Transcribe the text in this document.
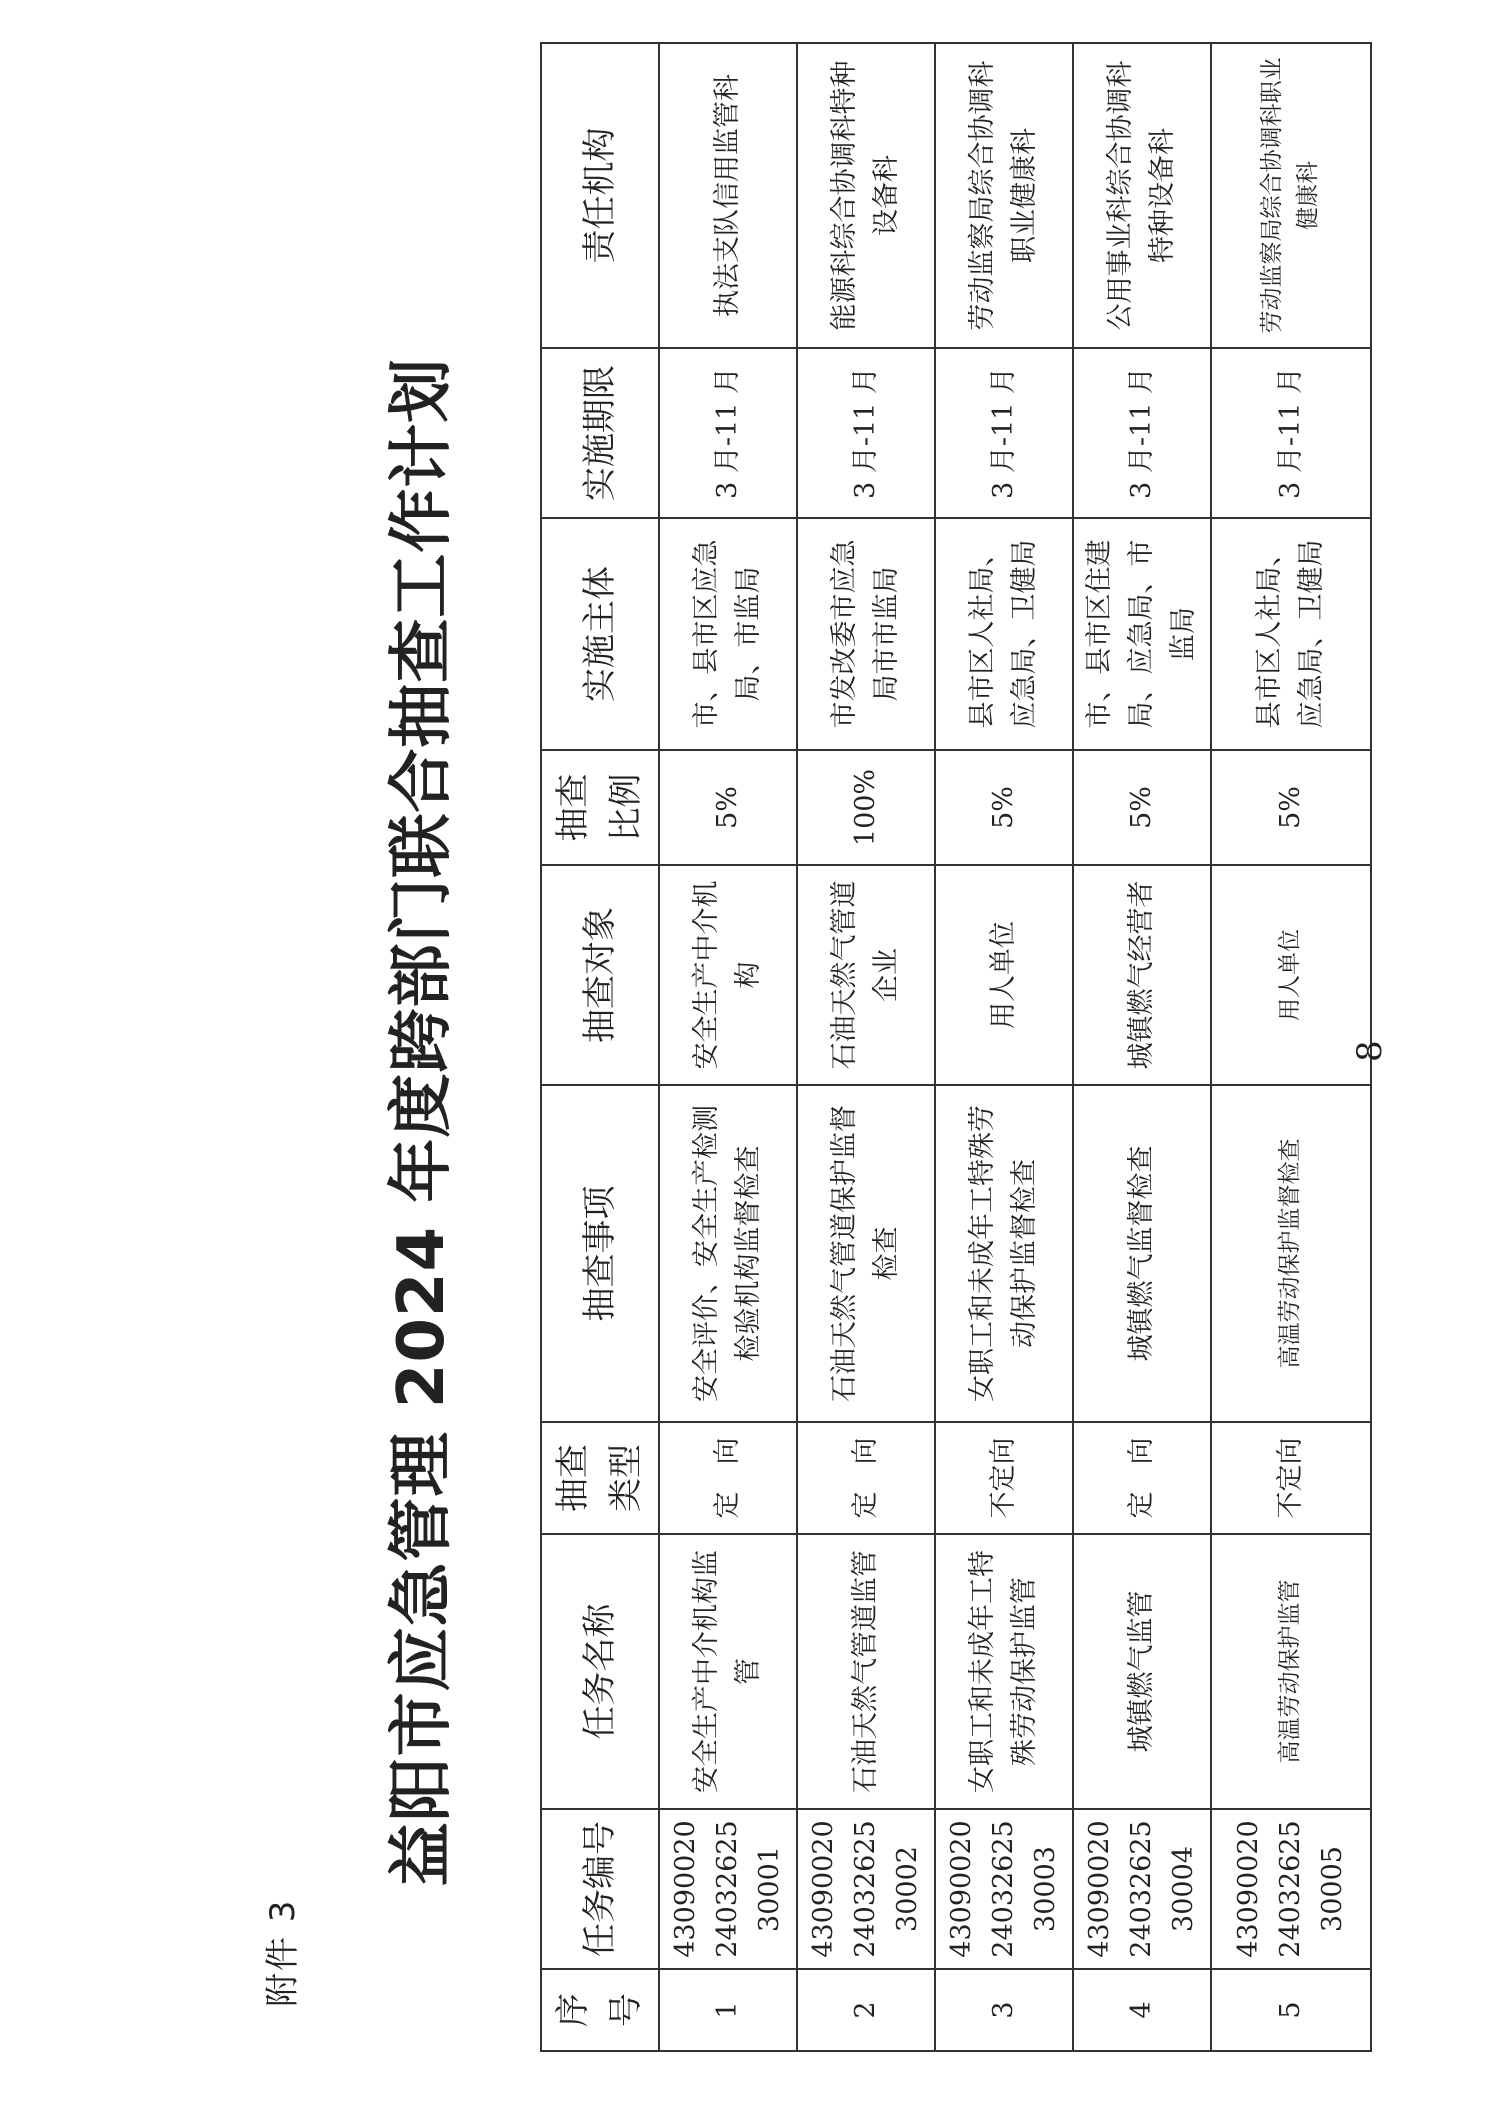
附件 3
益阳市应急管理 2024 年度跨部门联合抽查工作计划
序号	任务编号	任务名称	抽查类型	抽查事项	抽查对象	抽查比例	实施主体	实施期限	责任机构
1	430900202403262530001	安全生产中介机构监管	定　向	安全评价、安全生产检测检验机构监督检查	安全生产中介机构	5%	市、县市区应急局、市监局	3 月-11 月	执法支队信用监管科
2	430900202403262530002	石油天然气管道监管	定　向	石油天然气管道保护监督检查	石油天然气管道企业	100%	市发改委市应急局市市监局	3 月-11 月	能源科综合协调科特种设备科
3	430900202403262530003	女职工和未成年工特殊劳动保护监管	不定向	女职工和未成年工特殊劳动保护监督检查	用人单位	5%	县市区人社局、应急局、卫健局	3 月-11 月	劳动监察局综合协调科职业健康科
4	430900202403262530004	城镇燃气监管	定　向	城镇燃气监督检查	城镇燃气经营者	5%	市、县市区住建局、应急局、市监局	3 月-11 月	公用事业科综合协调科特种设备科
5	430900202403262530005	高温劳动保护监管	不定向	高温劳动保护监督检查	用人单位	5%	县市区人社局、应急局、卫健局	3 月-11 月	劳动监察局综合协调科职业健康科
8
